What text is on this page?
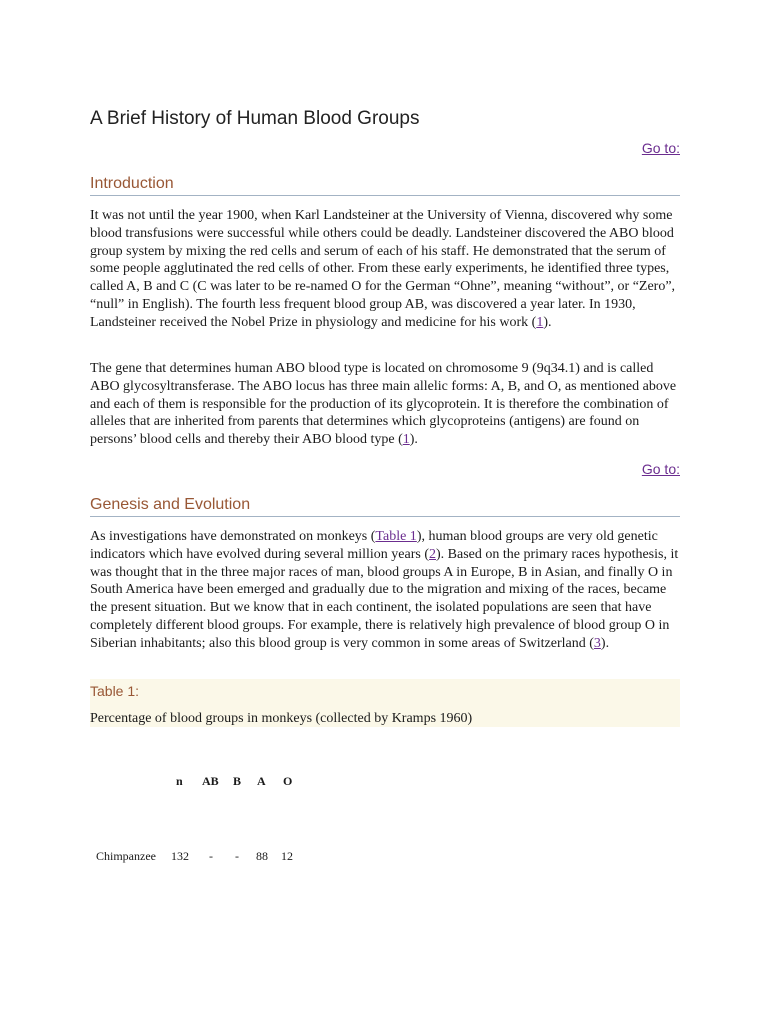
A Brief History of Human Blood Groups
Go to:
Introduction

It was not until the year 1900, when Karl Landsteiner at the University of Vienna, discovered why some blood transfusions were successful while others could be deadly. Landsteiner discovered the ABO blood group system by mixing the red cells and serum of each of his staff. He demonstrated that the serum of some people agglutinated the red cells of other. From these early experiments, he identified three types, called A, B and C (C was later to be re-named O for the German “Ohne”, meaning “without”, or “Zero”, “null” in English). The fourth less frequent blood group AB, was discovered a year later. In 1930, Landsteiner received the Nobel Prize in physiology and medicine for his work (1).

The gene that determines human ABO blood type is located on chromosome 9 (9q34.1) and is called ABO glycosyltransferase. The ABO locus has three main allelic forms: A, B, and O, as mentioned above and each of them is responsible for the production of its glycoprotein. It is therefore the combination of alleles that are inherited from parents that determines which glycoproteins (antigens) are found on persons’ blood cells and thereby their ABO blood type (1).

Go to:
Genesis and Evolution

As investigations have demonstrated on monkeys (Table 1), human blood groups are very old genetic indicators which have evolved during several million years (2). Based on the primary races hypothesis, it was thought that in the three major races of man, blood groups A in Europe, B in Asian, and finally O in South America have been emerged and gradually due to the migration and mixing of the races, became the present situation. But we know that in each continent, the isolated populations are seen that have completely different blood groups. For example, there is relatively high prevalence of blood group O in Siberian inhabitants; also this blood group is very common in some areas of Switzerland (3).

Table 1:
Percentage of blood groups in monkeys (collected by Kramps 1960)
n AB B A O
Chimpanzee 132 - - 88 12
